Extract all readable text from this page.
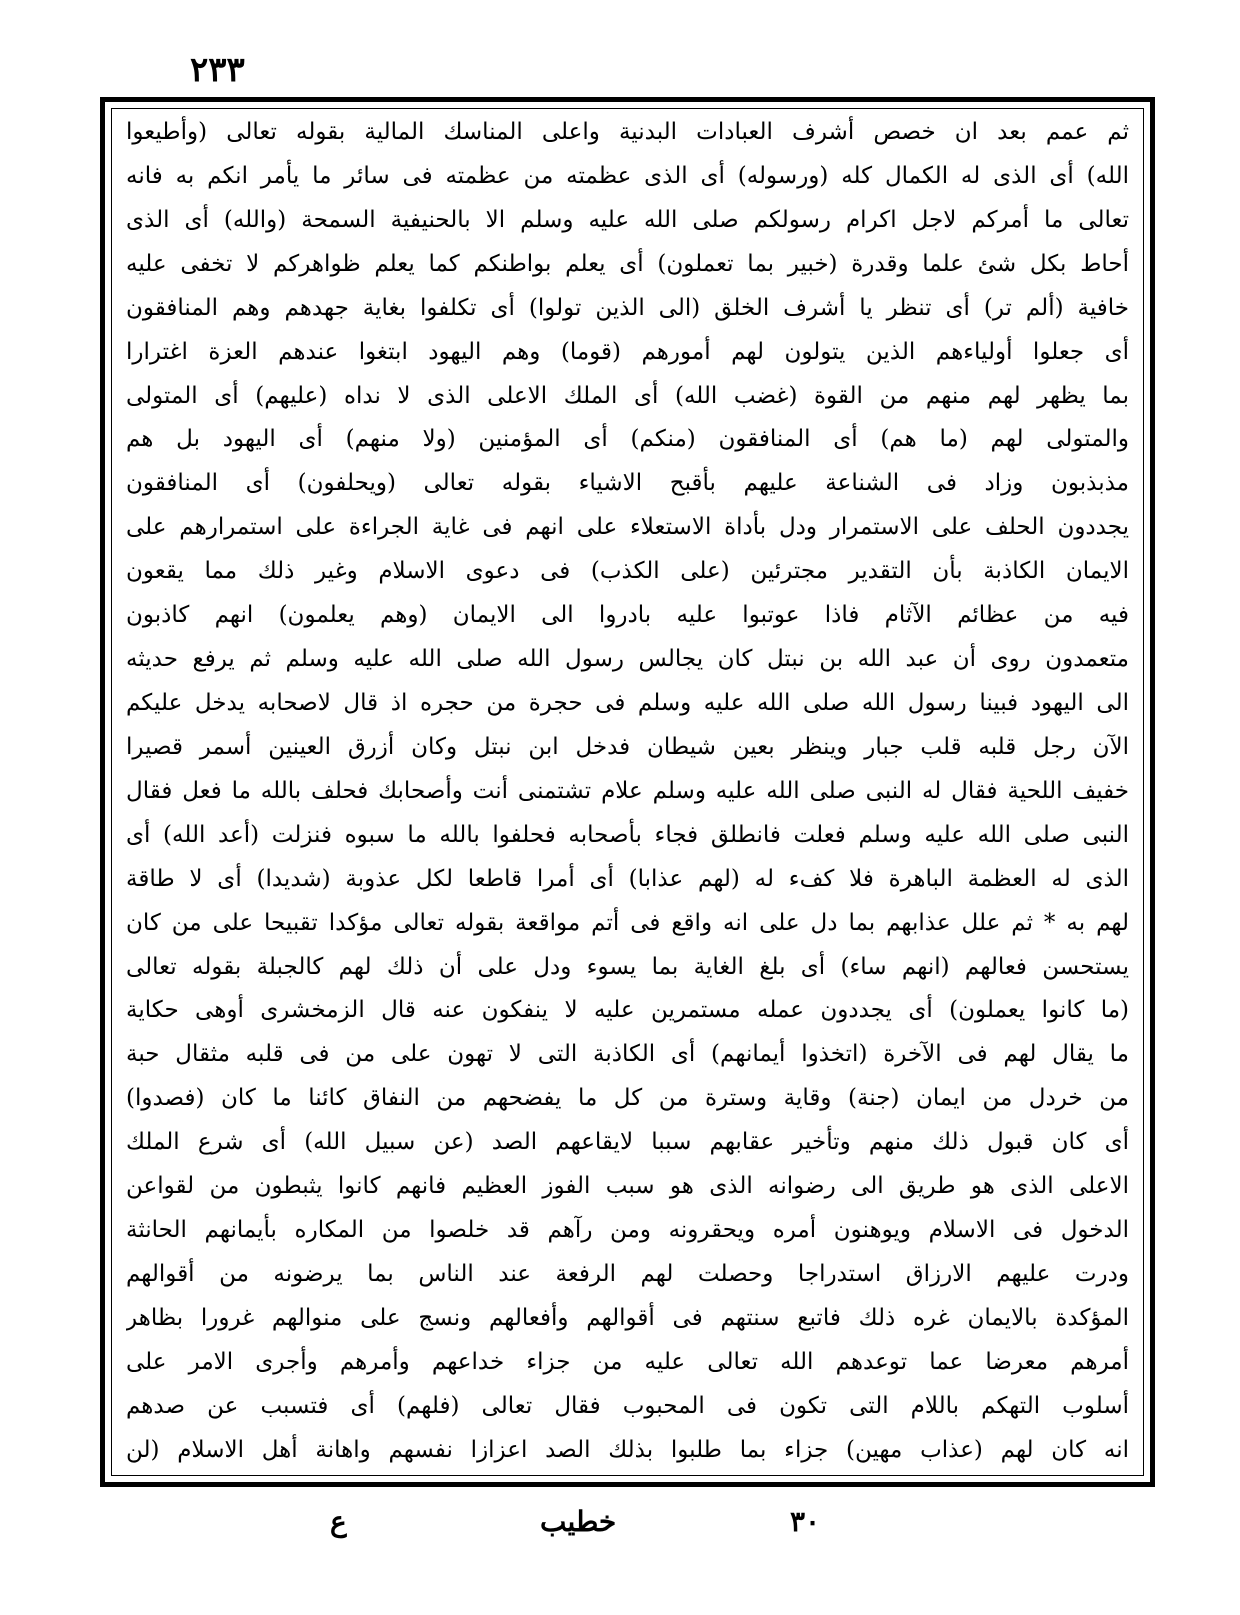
٢٣٣
ثم عمم بعد ان خصص أشرف العبادات البدنية واعلى المناسك المالية بقوله تعالى (وأطيعوا
الله) أى الذى له الكمال كله (ورسوله) أى الذى عظمته من عظمته فى سائر ما يأمر انكم به فانه
تعالى ما أمركم لاجل اكرام رسولكم صلى الله عليه وسلم الا بالحنيفية السمحة (والله) أى الذى
أحاط بكل شئ علما وقدرة (خبير بما تعملون) أى يعلم بواطنكم كما يعلم ظواهركم لا تخفى عليه
خافية (ألم تر) أى تنظر يا أشرف الخلق (الى الذين تولوا) أى تكلفوا بغاية جهدهم وهم المنافقون
أى جعلوا أولياءهم الذين يتولون لهم أمورهم (قوما) وهم اليهود ابتغوا عندهم العزة اغترارا
بما يظهر لهم منهم من القوة (غضب الله) أى الملك الاعلى الذى لا نداه (عليهم) أى المتولى
والمتولى لهم (ما هم) أى المنافقون (منكم) أى المؤمنين (ولا منهم) أى اليهود بل هم
مذبذبون وزاد فى الشناعة عليهم بأقبح الاشياء بقوله تعالى (ويحلفون) أى المنافقون
يجددون الحلف على الاستمرار ودل بأداة الاستعلاء على انهم فى غاية الجراءة على استمرارهم على
الايمان الكاذبة بأن التقدير مجترئين (على الكذب) فى دعوى الاسلام وغير ذلك مما يقعون
فيه من عظائم الآثام فاذا عوتبوا عليه بادروا الى الايمان (وهم يعلمون) انهم كاذبون
متعمدون روى أن عبد الله بن نبتل كان يجالس رسول الله صلى الله عليه وسلم ثم يرفع حديثه
الى اليهود فبينا رسول الله صلى الله عليه وسلم فى حجرة من حجره اذ قال لاصحابه يدخل عليكم
الآن رجل قلبه قلب جبار وينظر بعين شيطان فدخل ابن نبتل وكان أزرق العينين أسمر قصيرا
خفيف اللحية فقال له النبى صلى الله عليه وسلم علام تشتمنى أنت وأصحابك فحلف بالله ما فعل فقال
النبى صلى الله عليه وسلم فعلت فانطلق فجاء بأصحابه فحلفوا بالله ما سبوه فنزلت (أعد الله) أى
الذى له العظمة الباهرة فلا كفء له (لهم عذابا) أى أمرا قاطعا لكل عذوبة (شديدا) أى لا طاقة
لهم به * ثم علل عذابهم بما دل على انه واقع فى أتم مواقعة بقوله تعالى مؤكدا تقبيحا على من كان
يستحسن فعالهم (انهم ساء) أى بلغ الغاية بما يسوء ودل على أن ذلك لهم كالجبلة بقوله تعالى
(ما كانوا يعملون) أى يجددون عمله مستمرين عليه لا ينفكون عنه قال الزمخشرى أوهى حكاية
ما يقال لهم فى الآخرة (اتخذوا أيمانهم) أى الكاذبة التى لا تهون على من فى قلبه مثقال حبة
من خردل من ايمان (جنة) وقاية وسترة من كل ما يفضحهم من النفاق كائنا ما كان (فصدوا)
أى كان قبول ذلك منهم وتأخير عقابهم سببا لايقاعهم الصد (عن سبيل الله) أى شرع الملك
الاعلى الذى هو طريق الى رضوانه الذى هو سبب الفوز العظيم فانهم كانوا يثبطون من لقواعن
الدخول فى الاسلام ويوهنون أمره ويحقرونه ومن رآهم قد خلصوا من المكاره بأيمانهم الحانثة
ودرت عليهم الارزاق استدراجا وحصلت لهم الرفعة عند الناس بما يرضونه من أقوالهم
المؤكدة بالايمان غره ذلك فاتبع سنتهم فى أقوالهم وأفعالهم ونسج على منوالهم غرورا بظاهر
أمرهم معرضا عما توعدهم الله تعالى عليه من جزاء خداعهم وأمرهم وأجرى الامر على
أسلوب التهكم باللام التى تكون فى المحبوب فقال تعالى (فلهم) أى فتسبب عن صدهم
انه كان لهم (عذاب مهين) جزاء بما طلبوا بذلك الصد اعزازا نفسهم واهانة أهل الاسلام (لن
٣٠
خطيب
ع
